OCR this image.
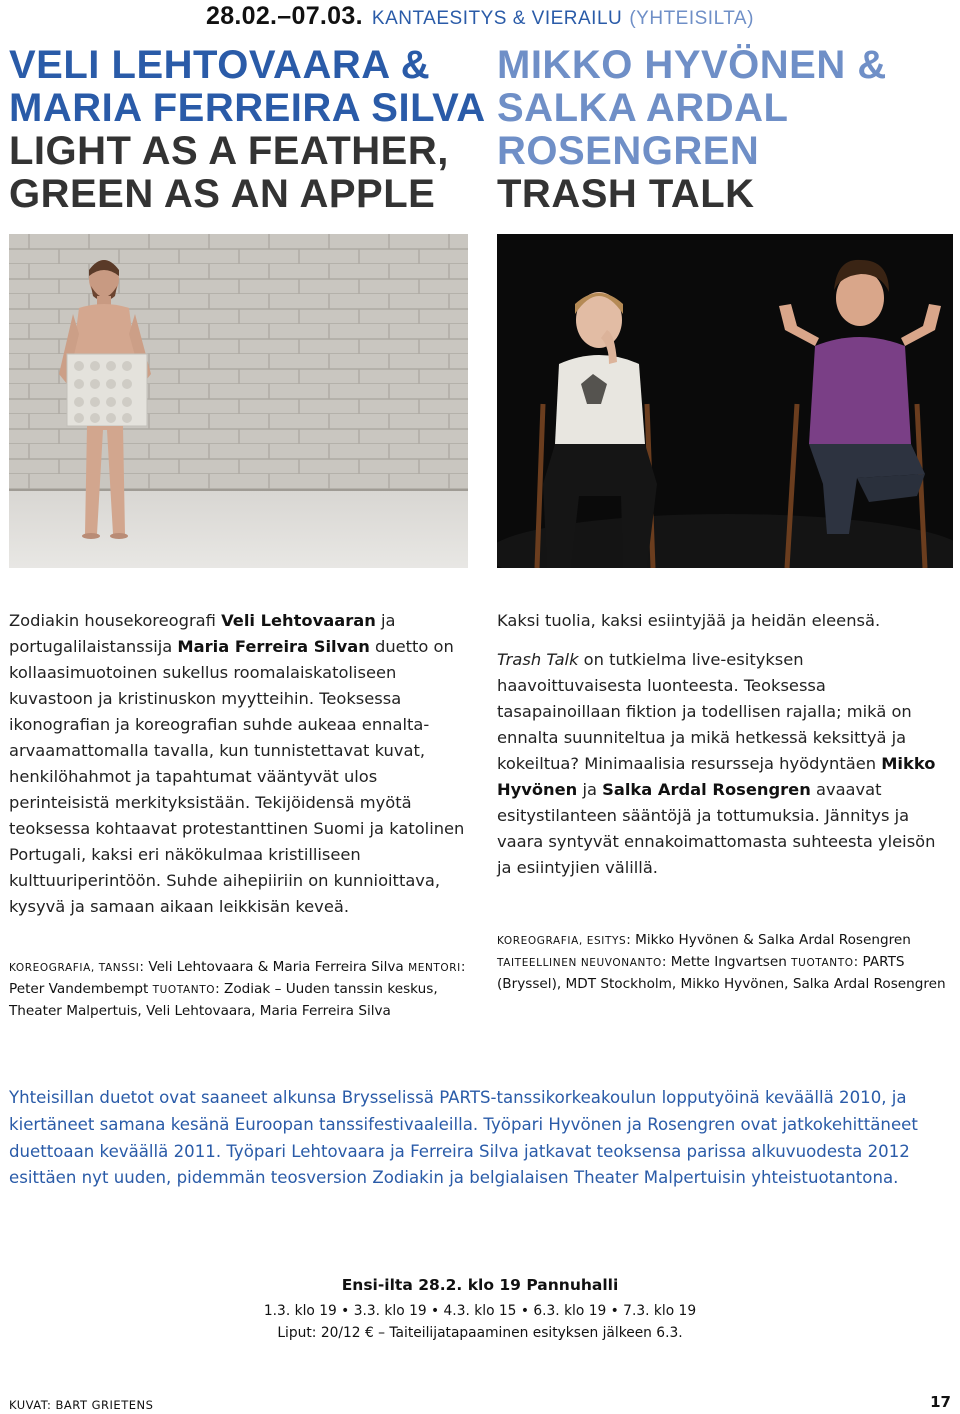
28.02.–07.03. KANTAESITYS & VIERAILU (YHTEISILTA)
VELI LEHTOVAARA &
MARIA FERREIRA SILVA
LIGHT AS A FEATHER,
GREEN AS AN APPLE
MIKKO HYVÖNEN &
SALKA ARDAL
ROSENGREN
TRASH TALK

Zodiakin housekoreografi Veli Lehtovaaran ja portugalilaistanssija Maria Ferreira Silvan duetto on kollaasimuotoinen sukellus roomalaiskatoliseen kuvastoon ja kristinuskon myytteihin. Teoksessa ikonografian ja koreografian suhde aukeaa ennalta-arvaamattomalla tavalla, kun tunnistettavat kuvat, henkilöhahmot ja tapahtumat vääntyvät ulos perinteisistä merkityksistään. Tekijöidensä myötä teoksessa kohtaavat protestanttinen Suomi ja katolinen Portugali, kaksi eri näkökulmaa kristilliseen kulttuuriperintöön. Suhde aihepiiriin on kunnioittava, kysyvä ja samaan aikaan leikkisän keveä.

KOREOGRAFIA, TANSSI: Veli Lehtovaara & Maria Ferreira Silva MENTORI: Peter Vandembempt TUOTANTO: Zodiak – Uuden tanssin keskus, Theater Malpertuis, Veli Lehtovaara, Maria Ferreira Silva

Kaksi tuolia, kaksi esiintyjää ja heidän eleensä.

Trash Talk on tutkielma live-esityksen haavoittuvaisesta luonteesta. Teoksessa tasapainoillaan fiktion ja todellisen rajalla; mikä on ennalta suunniteltua ja mikä hetkessä keksittyä ja kokeiltua? Minimaalisia resursseja hyödyntäen Mikko Hyvönen ja Salka Ardal Rosengren avaavat esitystilanteen sääntöjä ja tottumuksia. Jännitys ja vaara syntyvät ennakoimattomasta suhteesta yleisön ja esiintyjien välillä.

KOREOGRAFIA, ESITYS: Mikko Hyvönen & Salka Ardal Rosengren
TAITEELLINEN NEUVONANTO: Mette Ingvartsen TUOTANTO: PARTS (Bryssel), MDT Stockholm, Mikko Hyvönen, Salka Ardal Rosengren

Yhteisillan duetot ovat saaneet alkunsa Brysselissä PARTS-tanssikorkeakoulun lopputyöinä keväällä 2010, ja kiertäneet samana kesänä Euroopan tanssifestivaaleilla. Työpari Hyvönen ja Rosengren ovat jatkokehittäneet duettoaan keväällä 2011. Työpari Lehtovaara ja Ferreira Silva jatkavat teoksensa parissa alkuvuodesta 2012 esittäen nyt uuden, pidemmän teosversion Zodiakin ja belgialaisen Theater Malpertuisin yhteistuotantona.

Ensi-ilta 28.2. klo 19 Pannuhalli
1.3. klo 19 • 3.3. klo 19 • 4.3. klo 15 • 6.3. klo 19 • 7.3. klo 19
Liput: 20/12 € – Taiteilijatapaaminen esityksen jälkeen 6.3.
KUVAT: BART GRIETENS	17
